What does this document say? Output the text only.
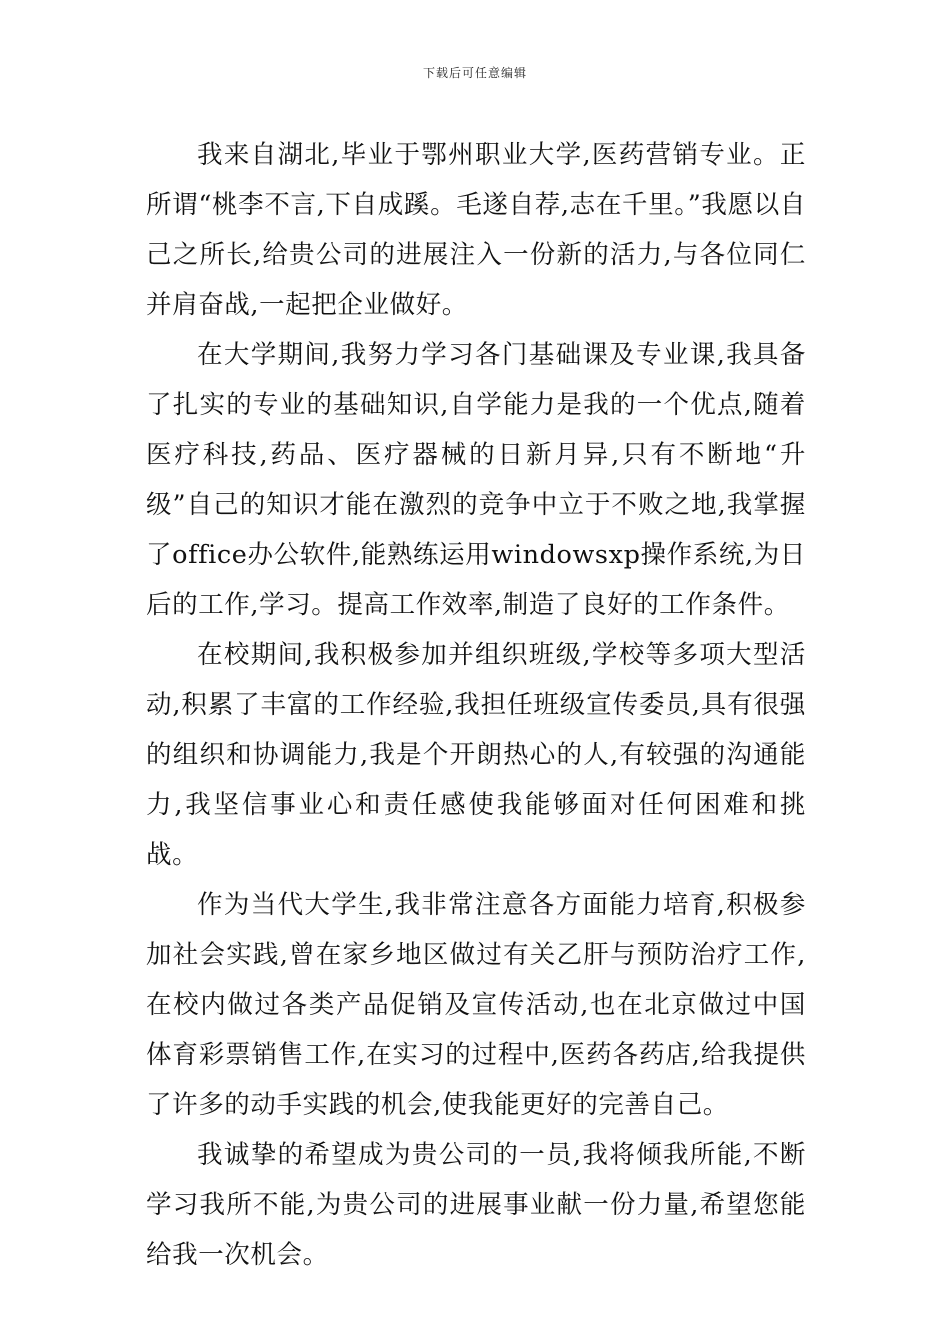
下载后可任意编辑

我来自湖北,毕业于鄂州职业大学,医药营销专业。正所谓“桃李不言,下自成蹊。毛遂自荐,志在千里。”我愿以自己之所长,给贵公司的进展注入一份新的活力,与各位同仁并肩奋战,一起把企业做好。

在大学期间,我努力学习各门基础课及专业课,我具备了扎实的专业的基础知识,自学能力是我的一个优点,随着医疗科技,药品、医疗器械的日新月异,只有不断地“升级”自己的知识才能在激烈的竞争中立于不败之地,我掌握了office办公软件,能熟练运用windowsxp操作系统,为日后的工作,学习。提高工作效率,制造了良好的工作条件。

在校期间,我积极参加并组织班级,学校等多项大型活动,积累了丰富的工作经验,我担任班级宣传委员,具有很强的组织和协调能力,我是个开朗热心的人,有较强的沟通能力,我坚信事业心和责任感使我能够面对任何困难和挑战。

作为当代大学生,我非常注意各方面能力培育,积极参加社会实践,曾在家乡地区做过有关乙肝与预防治疗工作,在校内做过各类产品促销及宣传活动,也在北京做过中国体育彩票销售工作,在实习的过程中,医药各药店,给我提供了许多的动手实践的机会,使我能更好的完善自己。

我诚挚的希望成为贵公司的一员,我将倾我所能,不断学习我所不能,为贵公司的进展事业献一份力量,希望您能给我一次机会。
